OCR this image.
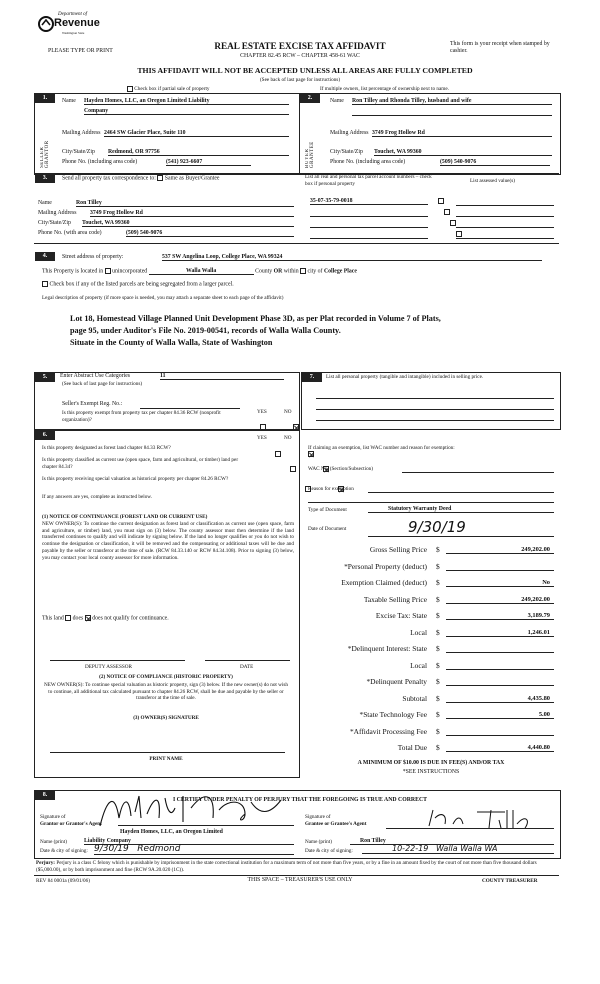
Department of
Revenue
Washington State
PLEASE TYPE OR PRINT	REAL ESTATE EXCISE TAX AFFIDAVIT
CHAPTER 82.45 RCW – CHAPTER 458-61 WAC
This form is your receipt when stamped by cashier.
THIS AFFIDAVIT WILL NOT BE ACCEPTED UNLESS ALL AREAS ARE FULLY COMPLETED
(See back of last page for instructions)
Check box if partial sale of property	If multiple owners, list percentage of ownership next to name.
1.
SELLER GRANTOR
Name Hayden Homes, LLC, an Oregon Limited Liability
Company
Mailing Address 2464 SW Glacier Place, Suite 110
City/State/Zip Redmond, OR 97756
Phone No. (including area code)	(541) 923-6607
2.
BUYER GRANTEE
Name Ron Tilley and Rhonda Tilley, husband and wife
Mailing Address 3749 Frog Hollow Rd
City/State/Zip Touchet, WA 99360
Phone No. (including area code)	(509) 540-9076
3.	Send all property tax correspondence to: Same as Buyer/Grantee	List all real and personal tax parcel account numbers – check box if personal property	List assessed value(s)
Name	Ron Tilley
Mailing Address 3749 Frog Hollow Rd
City/State/Zip Touchet, WA 99360
Phone No. (with area code)	(509) 540-9076
35-07-35-79-0018
4.	Street address of property:	537 SW Angelina Loop, College Place, WA 99324
This Property is located in unincorporated	Walla Walla	County OR within city of College Place
Check box if any of the listed parcels are being segregated from a larger parcel.
Legal description of property (if more space is needed, you may attach a separate sheet to each page of the affidavit)
Lot 18, Homestead Village Planned Unit Development Phase 3D, as per Plat recorded in Volume 7 of Plats,
page 95, under Auditor's File No. 2019-00541, records of Walla Walla County.
Situate in the County of Walla Walla, State of Washington
5.	Enter Abstract Use Categories	11
(See back of last page for instructions)
Seller's Exempt Reg. No.:
Is this property exempt from property tax per chapter 84.36 RCW (nonprofit organization)?
YES	NO

6.	YES	NO
Is this property designated as forest land chapter 84.33 RCW?

Is this property classified as current use (open space, farm and agricultural, or timber) land per chapter 84.34?

Is this property receiving special valuation as historical property per chapter 84.26 RCW?

If any answers are yes, complete as instructed below.
(1) NOTICE OF CONTINUANCE (FOREST LAND OR CURRENT USE)
NEW OWNER(S): To continue the current designation as forest land or classification as current use (open space, farm and agriculture, or timber) land, you must sign on (3) below. The county assessor must then determine if the land transferred continues to qualify and will indicate by signing below. If the land no longer qualifies or you do not wish to continue the designation or classification, it will be removed and the compensating or additional taxes will be due and payable by the seller or transferor at the time of sale. (RCW 84.33.140 or RCW 84.34.108). Prior to signing (3) below, you may contact your local county assessor for more information.
This land does does not qualify for continuance.
DEPUTY ASSESSOR	DATE
(2) NOTICE OF COMPLIANCE (HISTORIC PROPERTY)
NEW OWNER(S): To continue special valuation as historic property, sign (3) below. If the new owner(s) do not wish to continue, all additional tax calculated pursuant to chapter 84.26 RCW, shall be due and payable by the seller or transferor at the time of sale.
(3) OWNER(S) SIGNATURE
PRINT NAME
7.	List all personal property (tangible and intangible) included in selling price.
If claiming an exemption, list WAC number and reason for exemption:
WAC No. (Section/Subsection)
Reason for exemption
Type of Document	Statutory Warranty Deed
Date of Document	9/30/19
Gross Selling Price $	249,202.00
*Personal Property (deduct) $
Exemption Claimed (deduct) $	No
Taxable Selling Price $	249,202.00
Excise Tax: State $	3,189.79
Local $	1,246.01
*Delinquent Interest: State $
Local $
*Delinquent Penalty $
Subtotal $	4,435.80
*State Technology Fee $	5.00
*Affidavit Processing Fee $
Total Due $	4,440.80
A MINIMUM OF $10.00 IS DUE IN FEE(S) AND/OR TAX
*SEE INSTRUCTIONS
8.
I CERTIFY UNDER PENALTY OF PERJURY THAT THE FOREGOING IS TRUE AND CORRECT
Signature of
Grantor or Grantor's Agent
Hayden Homes, LLC, an Oregon Limited
Name (print)	Liability Company
Date & city of signing: 9/30/19   Redmond
Signature of
Grantee or Grantee's Agent
Name (print)	Ron Tilley
Date & city of signing:	10-22-19   Walla Walla WA
Perjury: Perjury is a class C felony which is punishable by imprisonment in the state correctional institution for a maximum term of not more than five years, or by a fine in an amount fixed by the court of not more than five thousand dollars ($5,000.00), or by both imprisonment and fine (RCW 9A.20.020 (1C)).
REV 84 0001a (09/01/06)	THIS SPACE – TREASURER'S USE ONLY	COUNTY TREASURER
